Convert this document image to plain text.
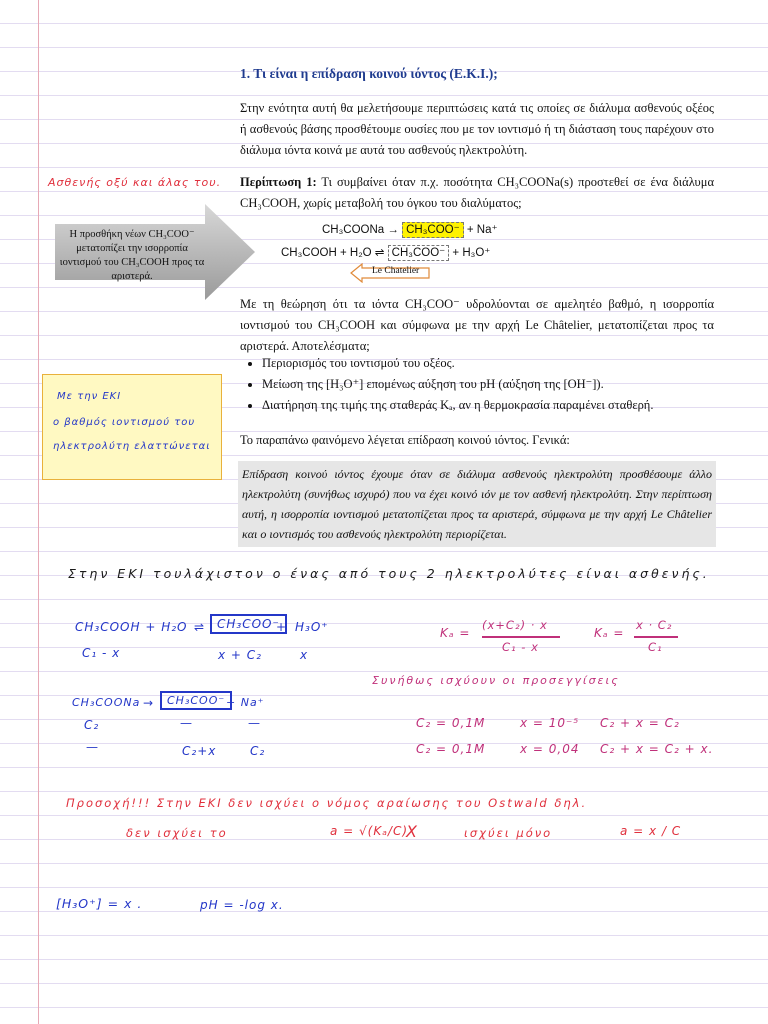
1. Τι είναι η επίδραση κοινού ιόντος (Ε.Κ.Ι.);
Στην ενότητα αυτή θα μελετήσουμε περιπτώσεις κατά τις οποίες σε διάλυμα ασθενούς οξέος ή ασθενούς βάσης προσθέτουμε ουσίες που με τον ιοντισμό ή τη διάσταση τους παρέχουν στο διάλυμα ιόντα κοινά με αυτά του ασθενούς ηλεκτρολύτη.
Περίπτωση 1: Τι συμβαίνει όταν π.χ. ποσότητα CH₃COONa(s) προστεθεί σε ένα διάλυμα CH₃COOH, χωρίς μεταβολή του όγκου του διαλύματος;
Η προσθήκη νέων CH₃COO⁻ μετατοπίζει την ισορροπία ιοντισμού του CH₃COOH προς τα αριστερά.
CH₃COONa → CH₃COO⁻ + Na⁺
CH₃COOH + H₂O ⇌ CH₃COO⁻ + H₃O⁺
Le Chatelier
Με τη θεώρηση ότι τα ιόντα CH₃COO⁻ υδρολύονται σε αμελητέο βαθμό, η ισορροπία ιοντισμού του CH₃COOH και σύμφωνα με την αρχή Le Châtelier, μετατοπίζεται προς τα αριστερά. Αποτελέσματα;
• Περιορισμός του ιοντισμού του οξέος.
• Μείωση της [H₃O⁺] επομένως αύξηση του pH (αύξηση της [OH⁻]).
• Διατήρηση της τιμής της σταθεράς Kₐ, αν η θερμοκρασία παραμένει σταθερή.
Το παραπάνω φαινόμενο λέγεται επίδραση κοινού ιόντος. Γενικά:
Επίδραση κοινού ιόντος έχουμε όταν σε διάλυμα ασθενούς ηλεκτρολύτη προσθέσουμε άλλο ηλεκτρολύτη (συνήθως ισχυρό) που να έχει κοινό ιόν με τον ασθενή ηλεκτρολύτη. Στην περίπτωση αυτή, η ισορροπία ιοντισμού μετατοπίζεται προς τα αριστερά, σύμφωνα με την αρχή Le Châtelier και ο ιοντισμός του ασθενούς ηλεκτρολύτη περιορίζεται.
Ασθενής οξύ και άλας του.
Με την ΕΚΙ
ο βαθμός ιοντισμού του
ηλεκτρολύτη ελαττώνεται
Στην ΕΚΙ τουλάχιστον ο ένας από τους 2 ηλεκτρολύτες είναι ασθενής.
CH₃COOH + H₂O ⇌ CH₃COO⁻
+ H₃O⁺
C₁ - x	x + C₂	x
Kₐ =
(x+C₂) · x
C₁ - x
Kₐ =
x · C₂
C₁
Συνήθως ισχύουν οι προσεγγίσεις
CH₃COONa →	CH₃COO⁻ + Na⁺
C₂	—	—
—	C₂+x	C₂
C₂ = 0,1M	x = 10⁻⁵ C₂ + x = C₂
C₂ = 0,1M	x = 0,04 C₂ + x = C₂ + x.
Προσοχή!!! Στην ΕΚΙ δεν ισχύει ο νόμος αραίωσης του Ostwald δηλ.
δεν ισχύει το	a = √(Kₐ/C)
X	ισχύει μόνο	a = x / C
[H₃O⁺] = x .	pH = -log x.
